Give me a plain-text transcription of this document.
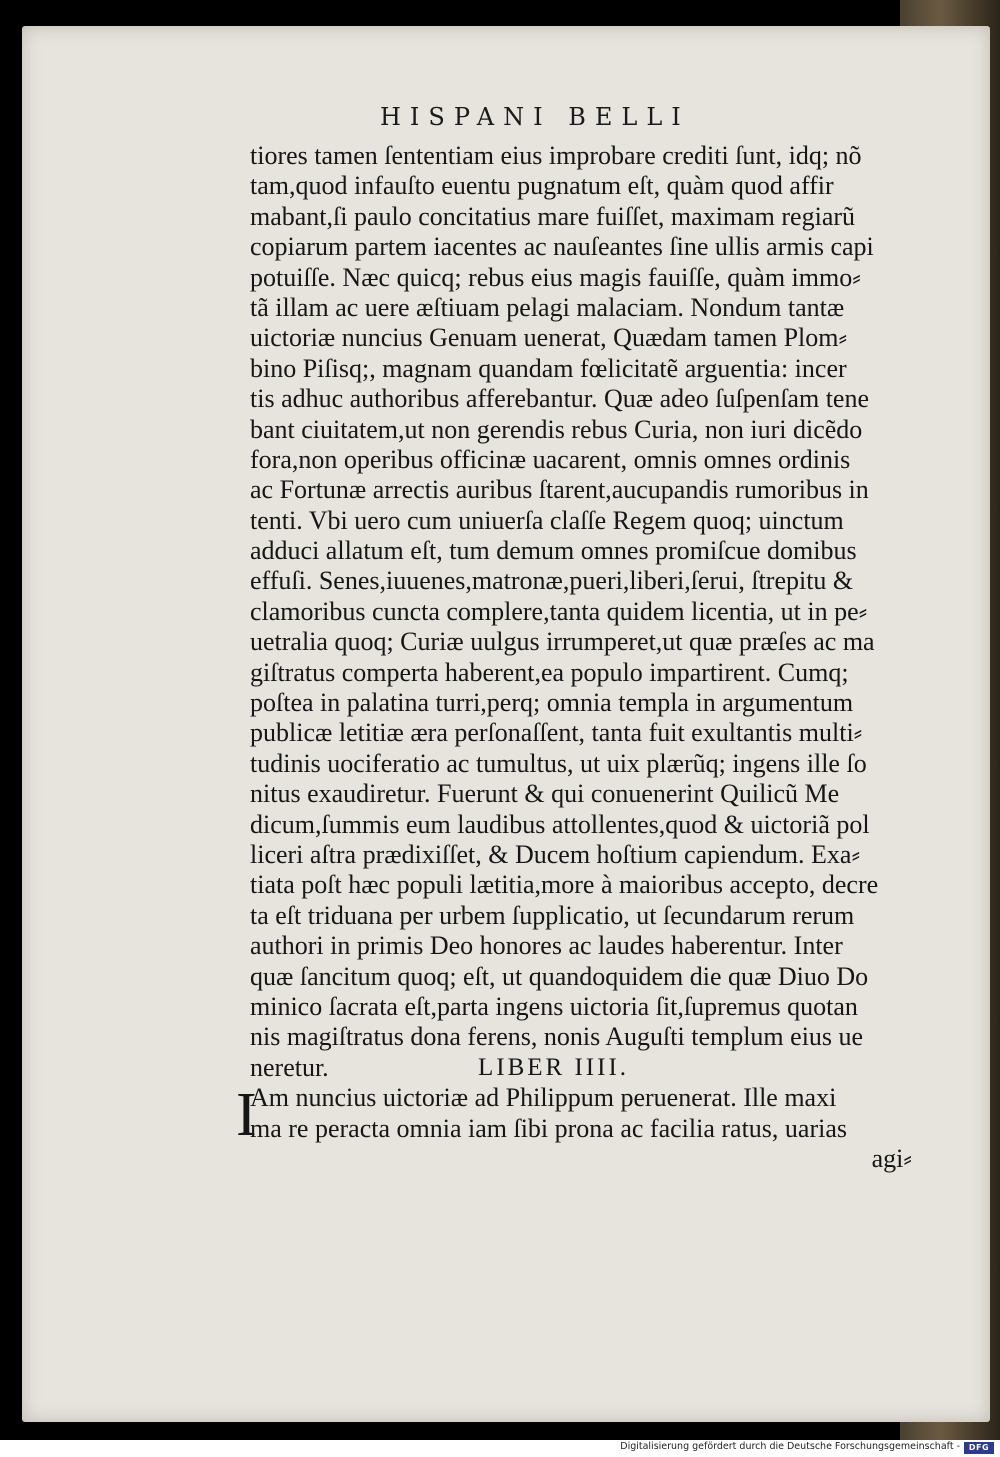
HISPANI BELLI
tiores tamen ſententiam eius improbare crediti ſunt, idq; nõ
tam,quod infauſto euentu pugnatum eſt, quàm quod affir
mabant,ſi paulo concitatius mare fuiſſet, maximam regiarũ
copiarum partem iacentes ac nauſeantes ſine ullis armis capi
potuiſſe. Næc quicq; rebus eius magis fauiſſe, quàm immo⸗
tã illam ac uere æſtiuam pelagi malaciam. Nondum tantæ
uictoriæ nuncius Genuam uenerat, Quædam tamen Plom⸗
bino Piſisq;, magnam quandam fœlicitatẽ arguentia: incer
tis adhuc authoribus afferebantur. Quæ adeo ſuſpenſam tene
bant ciuitatem,ut non gerendis rebus Curia, non iuri dicẽdo
fora,non operibus officinæ uacarent, omnis omnes ordinis
ac Fortunæ arrectis auribus ſtarent,aucupandis rumoribus in
tenti. Vbi uero cum uniuerſa claſſe Regem quoq; uinctum
adduci allatum eſt, tum demum omnes promiſcue domibus
effuſi. Senes,iuuenes,matronæ,pueri,liberi,ſerui, ſtrepitu &
clamoribus cuncta complere,tanta quidem licentia, ut in pe⸗
uetralia quoq; Curiæ uulgus irrumperet,ut quæ præſes ac ma
giſtratus comperta haberent,ea populo impartirent. Cumq;
poſtea in palatina turri,perq; omnia templa in argumentum
publicæ letitiæ æra perſonaſſent, tanta fuit exultantis multi⸗
tudinis uociferatio ac tumultus, ut uix plærũq; ingens ille ſo
nitus exaudiretur. Fuerunt & qui conuenerint Quilicũ Me
dicum,ſummis eum laudibus attollentes,quod & uictoriã pol
liceri aſtra prædixiſſet, & Ducem hoſtium capiendum. Exa⸗
tiata poſt hæc populi lætitia,more à maioribus accepto, decre
ta eſt triduana per urbem ſupplicatio, ut ſecundarum rerum
authori in primis Deo honores ac laudes haberentur. Inter
quæ ſancitum quoq; eſt, ut quandoquidem die quæ Diuo Do
minico ſacrata eſt,parta ingens uictoria ſit,ſupremus quotan
nis magiſtratus dona ferens, nonis Auguſti templum eius ue
neretur.	LIBER IIII.
I
Am nuncius uictoriæ ad Philippum peruenerat. Ille maxi
ma re peracta omnia iam ſibi prona ac facilia ratus, uarias
agi⸗
Digitalisierung gefördert durch die Deutsche Forschungsgemeinschaft -	DFG
